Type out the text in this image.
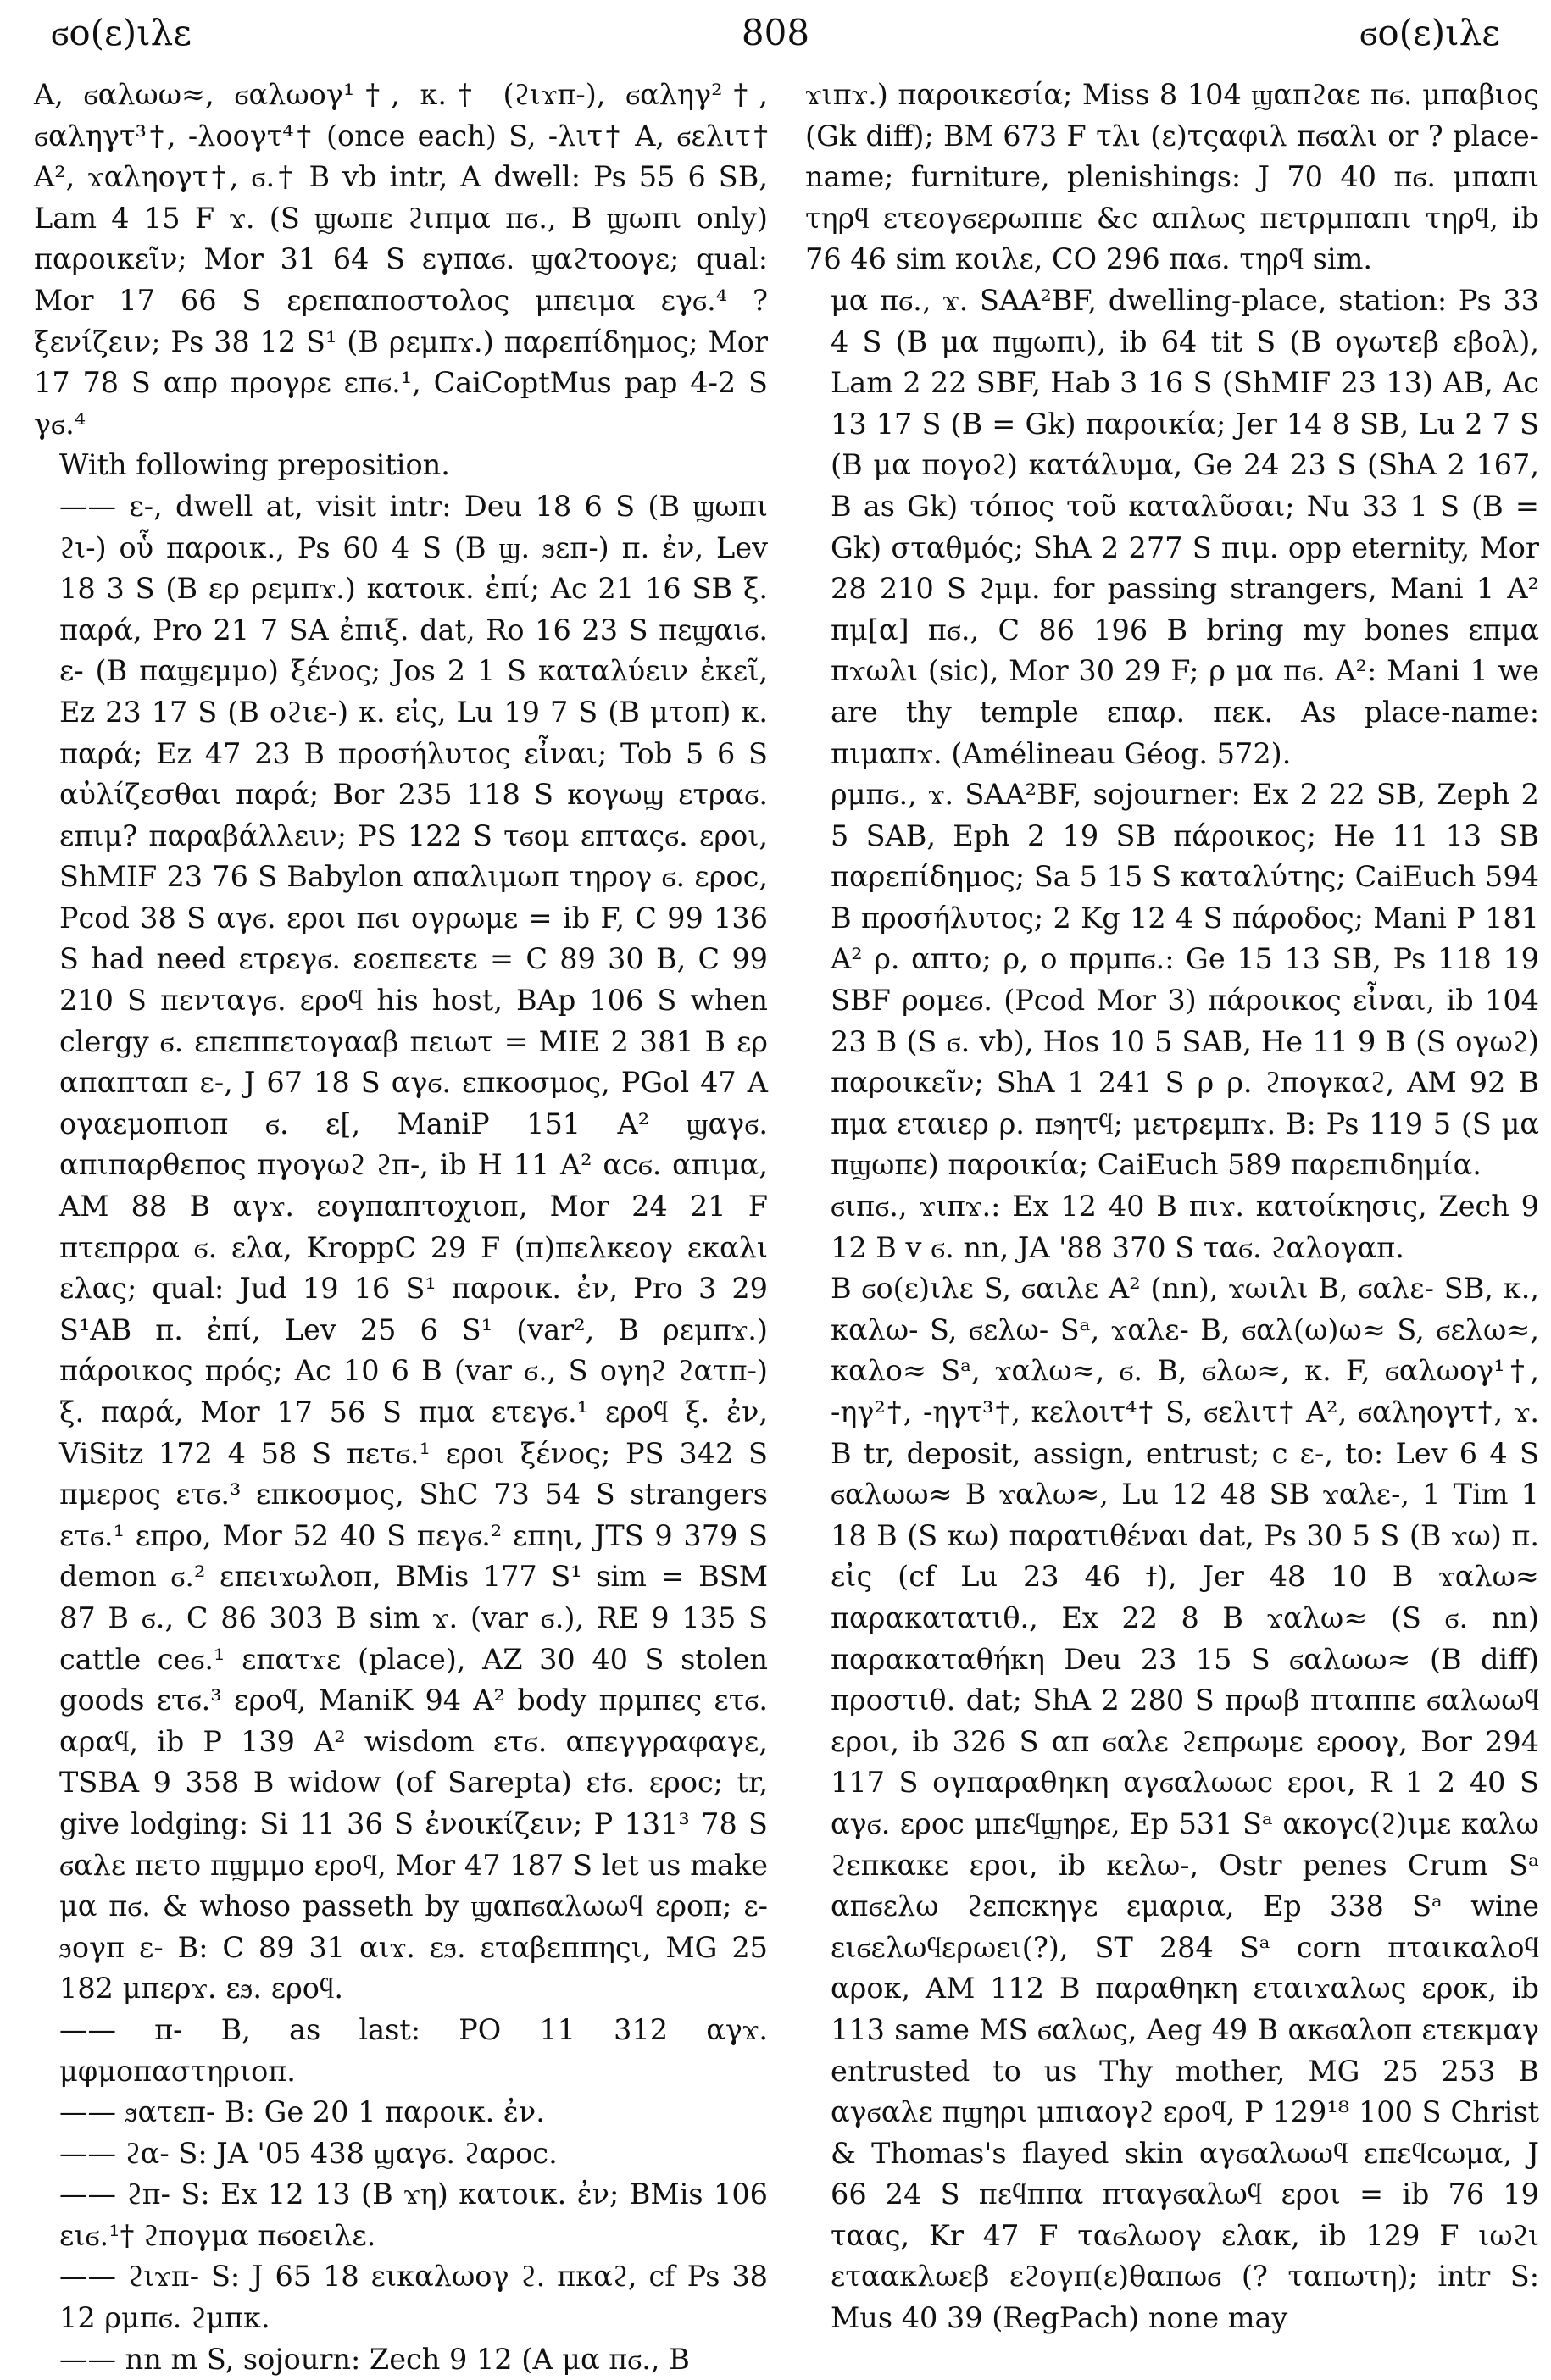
ϭο(ε)ιλε	808	ϭο(ε)ιλε

A, ϭαλωω≈, ϭαλωογ¹†, κ.† (ϩιϫπ-), ϭαληγ²†, ϭαληγτ³†, -λοογτ⁴† (once each) S, -λιτ† A, ϭελιτ† A², ϫαληογτ†, ϭ.† B vb intr, A dwell: Ps 55 6 SB, Lam 4 15 F ϫ. (S ϣωπε ϩιπμα πϭ., B ϣωπι only) παροικεῖν; Mor 31 64 S εγπαϭ. ϣαϩτοογε; qual: Mor 17 66 S ερεπαποστολος μπειμα εγϭ.⁴ ? ξενίζειν; Ps 38 12 S¹ (B ρεμπϫ.) παρεπίδημος; Mor 17 78 S απρ προγρε επϭ.¹, CaiCoptMus pap 4-2 S γϭ.⁴

With following preposition.

—— ε-, dwell at, visit intr: Deu 18 6 S (B ϣωπι ϩι-) οὗ παροικ., Ps 60 4 S (B ϣ. ϧεπ-) π. ἐν, Lev 18 3 S (B ερ ρεμπϫ.) κατοικ. ἐπί; Ac 21 16 SB ξ. παρά, Pro 21 7 SA ἐπιξ. dat, Ro 16 23 S πεϣαιϭ. ε- (B παϣεμμο) ξένος; Jos 2 1 S καταλύειν ἐκεῖ, Ez 23 17 S (B οϩιε-) κ. εἰς, Lu 19 7 S (B μτοπ) κ. παρά; Ez 47 23 B προσήλυτος εἶναι; Tob 5 6 S αὐλίζεσθαι παρά; Bor 235 118 S κογωϣ ετραϭ. επιμ? παραβάλλειν; PS 122 S τϭομ επταςϭ. εροι, ShMIF 23 76 S Babylon απαλιμωπ τηρογ ϭ. εροc, Pcod 38 S αγϭ. εροι πϭι ογρωμε = ib F, C 99 136 S had need ετρεγϭ. εοεπεετε = C 89 30 B, C 99 210 S πενταγϭ. εροϥ his host, BAp 106 S when clergy ϭ. επεππετογααβ πειωτ = MIE 2 381 B ερ απαπταπ ε-, J 67 18 S αγϭ. επκοσμος, PGol 47 A ογαεμοπιοπ ϭ. ε[, ManiP 151 A² ϣαγϭ. απιπαρθεπος πγογωϩ ϩπ-, ib H 11 A² αcϭ. απιμα, AM 88 B αγϫ. εογπαπτοχιοπ, Mor 24 21 F πτεπρρα ϭ. ελα, KroppC 29 F (π)πελκεογ εκαλι ελας; qual: Jud 19 16 S¹ παροικ. ἐν, Pro 3 29 S¹AB π. ἐπί, Lev 25 6 S¹ (var², B ρεμπϫ.) πάροικος πρός; Ac 10 6 B (var ϭ., S ογηϩ ϩατπ-) ξ. παρά, Mor 17 56 S πμα ετεγϭ.¹ εροϥ ξ. ἐν, ViSitz 172 4 58 S πετϭ.¹ εροι ξένος; PS 342 S πμερος ετϭ.³ επκοσμος, ShC 73 54 S strangers ετϭ.¹ επρο, Mor 52 40 S πεγϭ.² επηι, JTS 9 379 S demon ϭ.² επειϫωλοπ, BMis 177 S¹ sim = BSM 87 B ϭ., C 86 303 B sim ϫ. (var ϭ.), RE 9 135 S cattle ceϭ.¹ επατϫε (place), AZ 30 40 S stolen goods ετϭ.³ εροϥ, ManiK 94 A² body πρμπες ετϭ. αραϥ, ib P 139 A² wisdom ετϭ. απεγγραφαγε, TSBA 9 358 B widow (of Sarepta) εϯϭ. εροc; tr, give lodging: Si 11 36 S ἐνοικίζειν; P 131³ 78 S ϭαλε πετο πϣμμο εροϥ, Mor 47 187 S let us make μα πϭ. & whoso passeth by ϣαπϭαλωωϥ εροπ; ε-ϧογπ ε- B: C 89 31 αιϫ. εϧ. εταβεππηςι, MG 25 182 μπερϫ. εϧ. εροϥ.

—— π- B, as last: PO 11 312 αγϫ. μφμοπαστηριοπ.

—— ϧατεπ- B: Ge 20 1 παροικ. ἐν.

—— ϩα- S: JA '05 438 ϣαγϭ. ϩαροc.

—— ϩπ- S: Ex 12 13 (B ϫη) κατοικ. ἐν; BMis 106 ειϭ.¹† ϩπογμα πϭοειλε.

—— ϩιϫπ- S: J 65 18 εικαλωογ ϩ. πκαϩ, cf Ps 38 12 ρμπϭ. ϩμπκ.

—— nn m S, sojourn: Zech 9 12 (A μα πϭ., B

ϫιπϫ.) παροικεσία; Miss 8 104 ϣαπϩαε πϭ. μπαβιος (Gk diff); BM 673 F τλι (ε)τςαφιλ πϭαλι or ? place-name; furniture, plenishings: J 70 40 πϭ. μπαπι τηρϥ ετεογϭερωππε &c απλως πετρμπαπι τηρϥ, ib 76 46 sim κοιλε, CO 296 παϭ. τηρϥ sim.

μα πϭ., ϫ. SAA²BF, dwelling-place, station: Ps 33 4 S (B μα πϣωπι), ib 64 tit S (B ογωτεβ εβολ), Lam 2 22 SBF, Hab 3 16 S (ShMIF 23 13) AB, Ac 13 17 S (B = Gk) παροικία; Jer 14 8 SB, Lu 2 7 S (B μα πογοϩ) κατάλυμα, Ge 24 23 S (ShA 2 167, B as Gk) τόπος τοῦ καταλῦσαι; Nu 33 1 S (B = Gk) σταθμός; ShA 2 277 S πιμ. opp eternity, Mor 28 210 S ϩμμ. for passing strangers, Mani 1 A² πμ[α] πϭ., C 86 196 B bring my bones επμα πϫωλι (sic), Mor 30 29 F; ρ μα πϭ. A²: Mani 1 we are thy temple επαρ. πεκ. As place-name: πιμαπϫ. (Amélineau Géog. 572).

ρμπϭ., ϫ. SAA²BF, sojourner: Ex 2 22 SB, Zeph 2 5 SAB, Eph 2 19 SB πάροικος; He 11 13 SB παρεπίδημος; Sa 5 15 S καταλύτης; CaiEuch 594 B προσήλυτος; 2 Kg 12 4 S πάροδος; Mani P 181 A² ρ. απτο; ρ, ο πρμπϭ.: Ge 15 13 SB, Ps 118 19 SBF ρομεϭ. (Pcod Mor 3) πάροικος εἶναι, ib 104 23 B (S ϭ. vb), Hos 10 5 SAB, He 11 9 B (S ογωϩ) παροικεῖν; ShA 1 241 S ρ ρ. ϩπογκαϩ, AM 92 B πμα εταιερ ρ. πϧητϥ; μετρεμπϫ. B: Ps 119 5 (S μα πϣωπε) παροικία; CaiEuch 589 παρεπιδημία.

ϭιπϭ., ϫιπϫ.: Ex 12 40 B πιϫ. κατοίκησις, Zech 9 12 B v ϭ. nn, JA '88 370 S ταϭ. ϩαλογαπ.

B ϭο(ε)ιλε S, ϭαιλε A² (nn), ϫωιλι B, ϭαλε- SB, κ., καλω- S, ϭελω- Sᵃ, ϫαλε- B, ϭαλ(ω)ω≈ S, ϭελω≈, καλο≈ Sᵃ, ϫαλω≈, ϭ. B, ϭλω≈, κ. F, ϭαλωογ¹†, -ηγ²†, -ηγτ³†, κελοιτ⁴† S, ϭελιτ† A², ϭαληογτ†, ϫ. B tr, deposit, assign, entrust; c ε-, to: Lev 6 4 S ϭαλωω≈ B ϫαλω≈, Lu 12 48 SB ϫαλε-, 1 Tim 1 18 B (S κω) παρατιθέναι dat, Ps 30 5 S (B ϫω) π. εἰς (cf Lu 23 46 ϯ), Jer 48 10 B ϫαλω≈ παρακατατιθ., Ex 22 8 B ϫαλω≈ (S ϭ. nn) παρακαταθήκη Deu 23 15 S ϭαλωω≈ (B diff) προστιθ. dat; ShA 2 280 S πρωβ πταππε ϭαλωωϥ εροι, ib 326 S απ ϭαλε ϩεπρωμε εροογ, Bor 294 117 S ογπαραθηκη αγϭαλωωc εροι, R 1 2 40 S αγϭ. εροc μπεϥϣηρε, Ep 531 Sᵃ ακογc(ϩ)ιμε καλω ϩεπκακε εροι, ib κελω-, Ostr penes Crum Sᵃ απϭελω ϩεπcκηγε εμαρια, Ep 338 Sᵃ wine ειϭελωϥερωει(?), ST 284 Sᵃ corn πταικαλοϥ αροκ, AM 112 B παραθηκη εταιϫαλως εροκ, ib 113 same MS ϭαλως, Aeg 49 B ακϭαλοπ ετεκμαγ entrusted to us Thy mother, MG 25 253 B αγϭαλε πϣηρι μπιαογϩ εροϥ, P 129¹⁸ 100 S Christ & Thomas's flayed skin αγϭαλωωϥ επεϥcωμα, J 66 24 S πεϥππα πταγϭαλωϥ εροι = ib 76 19 ταας, Kr 47 F ταϭλωογ ελακ, ib 129 F ιωϩι εταακλωεβ εϩογπ(ε)θαπωϭ (? ταπωτη); intr S: Mus 40 39 (RegPach) none may
